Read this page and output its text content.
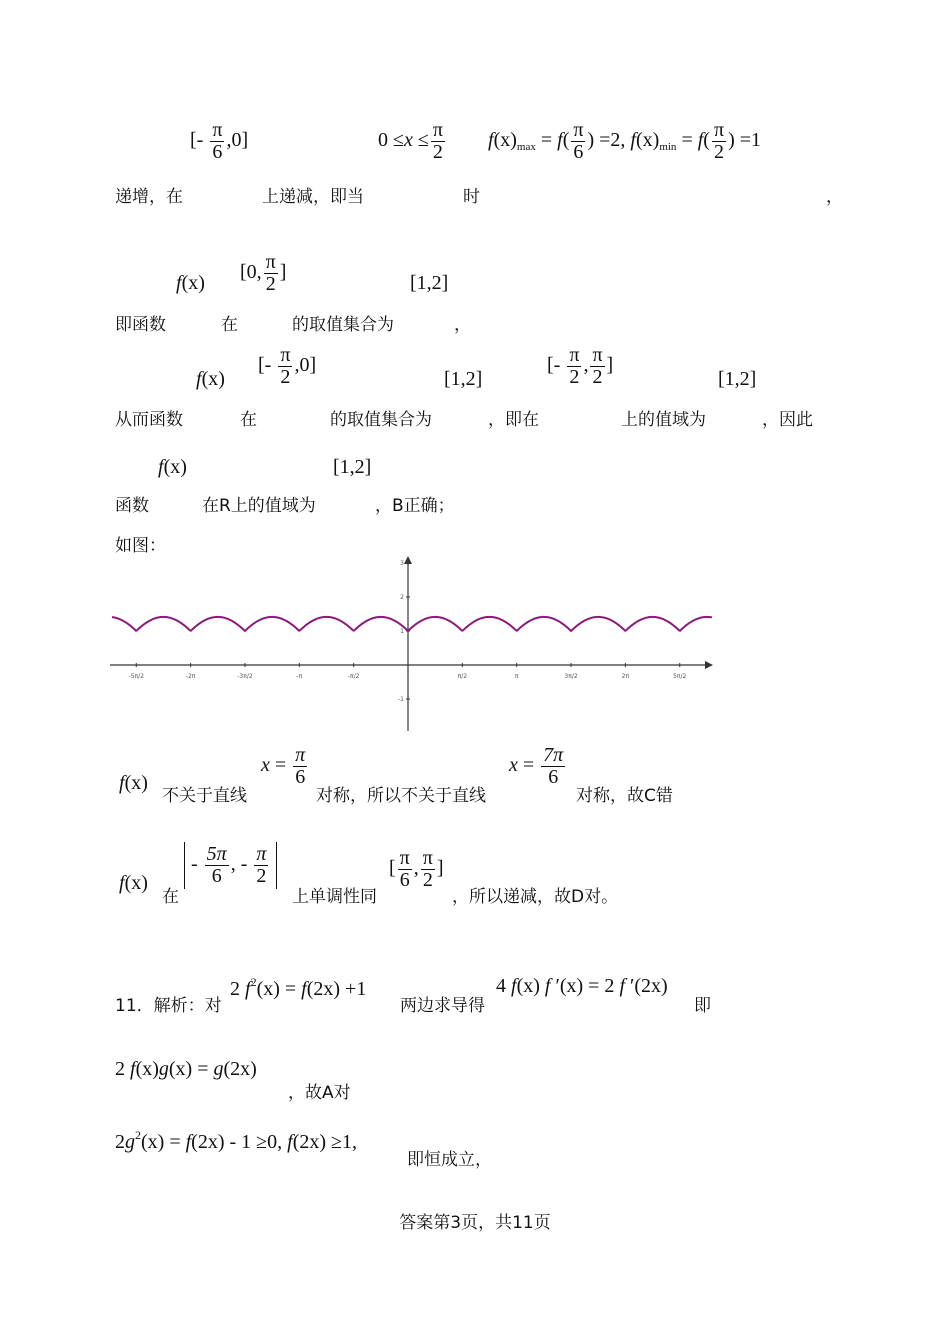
[- $\frac{\pi}{6} ,0$]	$0 \le x \le \frac{\pi}{2} f(x)_{max} = f( \frac{\pi}{6}$ ) =2, $f(x)_{min} = f( \frac{\pi}{2}$ ) =1
递增，在	上递减，即当	时	，
f(x) [0, $\frac{\pi}{2}$ ]	[1,2]
即函数	在	的取值集合为	，
f(x)
[- $\frac{\pi}{2} ,0$]
[1,2]
[- $\frac{\pi}{2}$ , $\frac{\pi}{2}$ ]
[1,2]
从而函数	在	的取值集合为	，即在	上的值域为	，因此
f(x)	[1,2]
函数	在R上的值域为	，B正确；
如图：
-5π/2	-2π	-3π/2	-π	-π/2	π/2	π	3π/2	2π	5π/2
3
2
1
-1
f(x)
不关于直线
$x = \frac{\pi}{6}$
对称，所以不关于直线
$x = \frac{7\pi}{6}$
对称，故C错
f(x)
在
- $\frac{5\pi}{6}$ , - $\frac{\pi}{2}$
上单调性同
[ $\frac{\pi}{6}$ , $\frac{\pi}{2}$ ]
，所以递减，故D对。
11．解析：对
2 $f^2(x) = f(2x) +1$
两边求导得
4 f(x) f ′(x) = 2 f ′(2x)
即
2 f(x)g(x) = g(2x)
，故A对
$2g^2(x) = f(2x) - 1 \ge 0$, f(2x) ≥1,
即恒成立，
答案第3页，共11页
